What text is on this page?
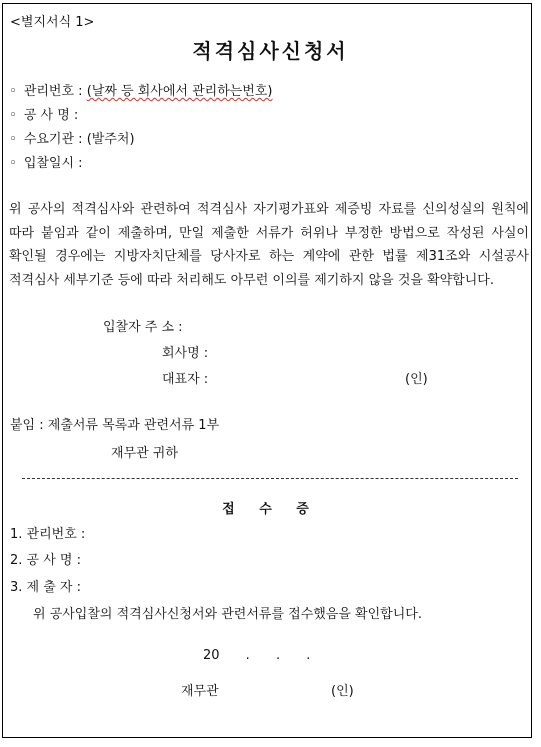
<별지서식 1>
적격심사신청서
◦ 관리번호 : (날짜 등 회사에서 관리하는번호)
◦ 공 사 명 :
◦ 수요기관 : (발주처)
◦ 입찰일시 :
위 공사의 적격심사와 관련하여 적격심사 자기평가표와 제증빙 자료를 신의성실의 원칙에 따라 붙임과 같이 제출하며, 만일 제출한 서류가 허위나 부정한 방법으로 작성된 사실이 확인될 경우에는 지방자치단체를 당사자로 하는 계약에 관한 법률 제31조와 시설공사 적격심사 세부기준 등에 따라 처리해도 아무런 이의를 제기하지 않을 것을 확약합니다.
입찰자 주 소 :
회사명 :
대표자 :	(인)
붙임 : 제출서류 목록과 관련서류 1부
재무관 귀하
접 수 증
1. 관리번호 :
2. 공 사 명 :
3. 제 출 자 :
위 공사입찰의 적격심사신청서와 관련서류를 접수했음을 확인합니다.
20 . . .
재무관	(인)
